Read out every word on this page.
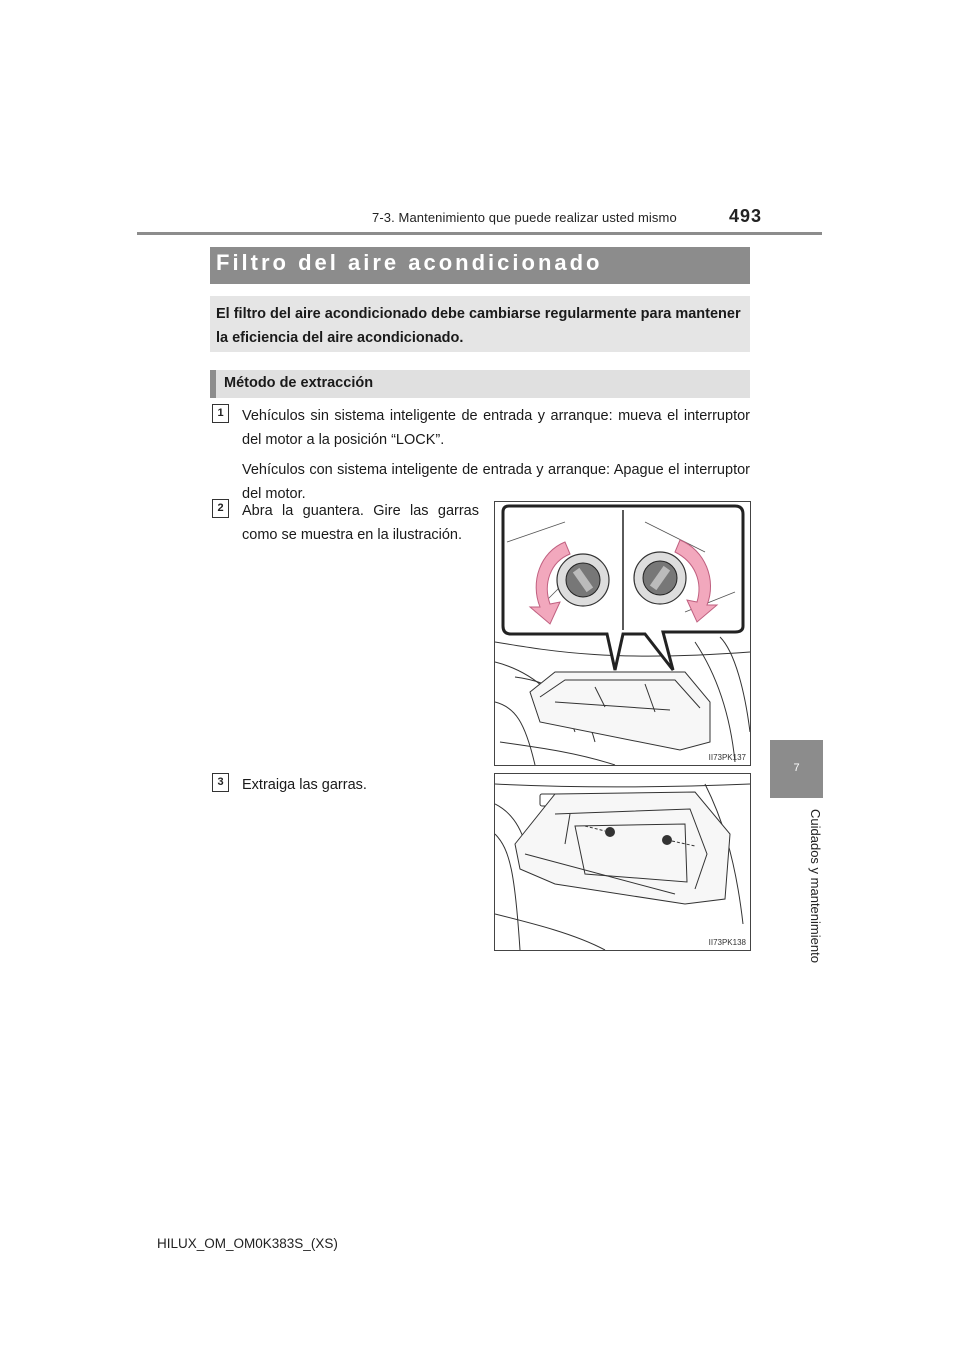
7-3. Mantenimiento que puede realizar usted mismo	493
7
Cuidados y mantenimiento
Filtro del aire acondicionado
El filtro del aire acondicionado debe cambiarse regularmente para mantener la eficiencia del aire acondicionado.
Método de extracción
1	Vehículos sin sistema inteligente de entrada y arranque: mueva el interruptor del motor a la posición “LOCK”.
Vehículos con sistema inteligente de entrada y arranque: Apague el interruptor del motor.
2	Abra la guantera. Gire las garras como se muestra en la ilustración.
II73PK137
3	Extraiga las garras.
II73PK138
HILUX_OM_OM0K383S_(XS)
